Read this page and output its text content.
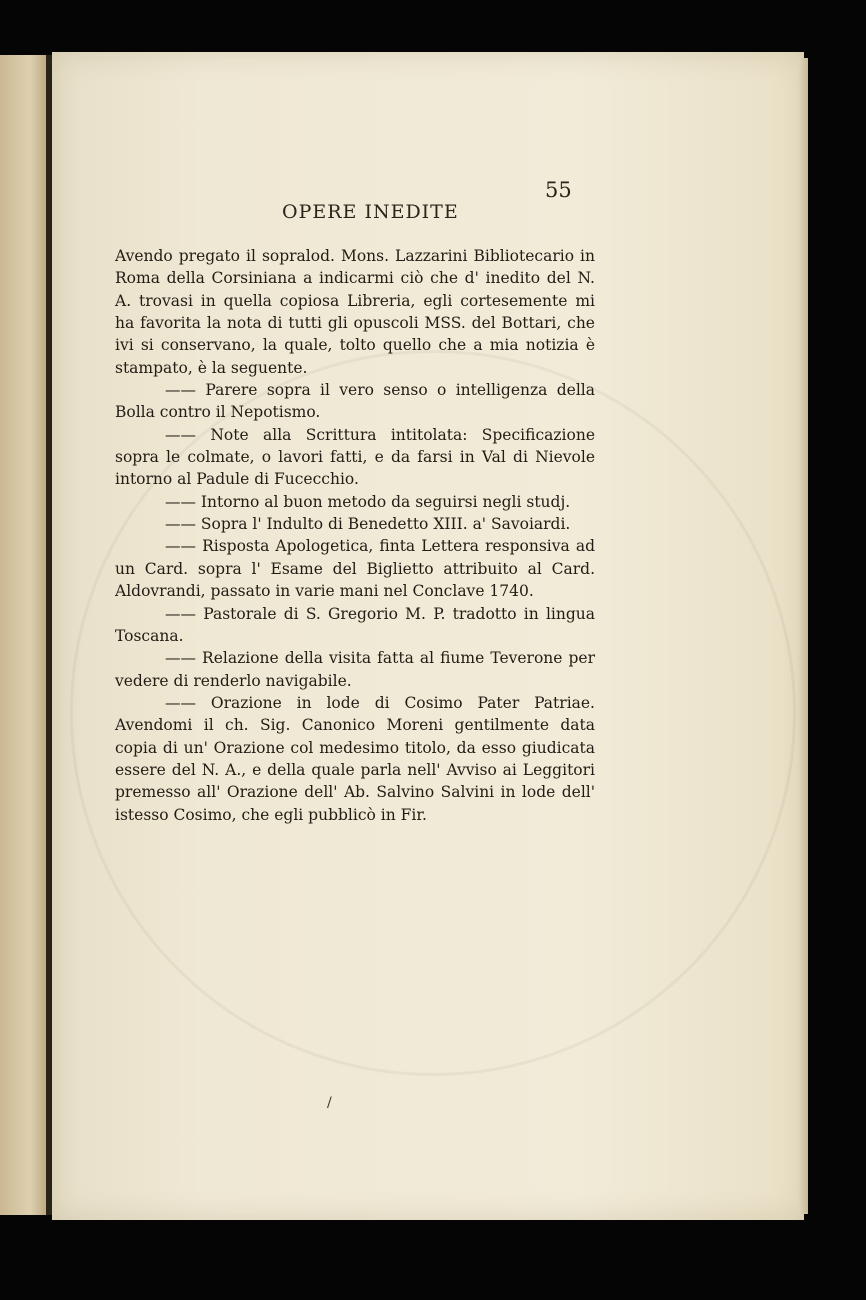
55
OPERE INEDITE

Avendo pregato il sopralod. Mons. Lazzarini Bibliotecario in Roma della Corsiniana a indicarmi ciò che d' inedito del N. A. trovasi in quella copiosa Libreria, egli cortesemente mi ha favorita la nota di tutti gli opuscoli MSS. del Bottari, che ivi si conservano, la quale, tolto quello che a mia notizia è stampato, è la seguente.

—— Parere sopra il vero senso o intelligenza della Bolla contro il Nepotismo.

—— Note alla Scrittura intitolata: Specificazione sopra le colmate, o lavori fatti, e da farsi in Val di Nievole intorno al Padule di Fucecchio.

—— Intorno al buon metodo da seguirsi negli studj.

—— Sopra l' Indulto di Benedetto XIII. a' Savoiardi.

—— Risposta Apologetica, finta Lettera responsiva ad un Card. sopra l' Esame del Biglietto attribuito al Card. Aldovrandi, passato in varie mani nel Conclave 1740.

—— Pastorale di S. Gregorio M. P. tradotto in lingua Toscana.

—— Relazione della visita fatta al fiume Teverone per vedere di renderlo navigabile.

—— Orazione in lode di Cosimo Pater Patriae. Avendomi il ch. Sig. Canonico Moreni gentilmente data copia di un' Orazione col medesimo titolo, da esso giudicata essere del N. A., e della quale parla nell' Avviso ai Leggitori premesso all' Orazione dell' Ab. Salvino Salvini in lode dell' istesso Cosimo, che egli pubblicò in Fir.

/
